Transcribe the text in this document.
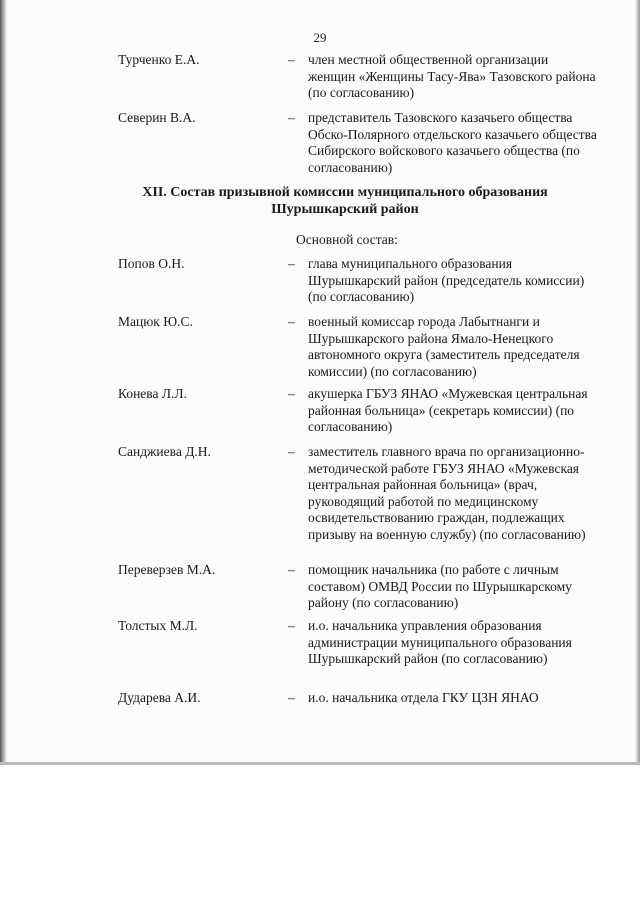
29
Турченко Е.А.	– член местной общественной организации женщин «Женщины Тасу-Ява» Тазовского района (по согласованию)

Северин В.А.	– представитель Тазовского казачьего общества Обско-Полярного отдельского казачьего общества Сибирского войскового казачьего общества (по согласованию)

XII. Состав призывной комиссии муниципального образования Шурышкарский район

Основной состав:
Попов О.Н.	– глава муниципального образования Шурышкарский район (председатель комиссии) (по согласованию)

Мацюк Ю.С.	– военный комиссар города Лабытнанги и Шурышкарского района Ямало-Ненецкого автономного округа (заместитель председателя комиссии) (по согласованию)

Конева Л.Л.	– акушерка ГБУЗ ЯНАО «Мужевская центральная районная больница» (секретарь комиссии) (по согласованию)

Санджиева Д.Н.	– заместитель главного врача по организационно-методической работе ГБУЗ ЯНАО «Мужевская центральная районная больница» (врач, руководящий работой по медицинскому освидетельствованию граждан, подлежащих призыву на военную службу) (по согласованию)

Переверзев М.А.	– помощник начальника (по работе с личным составом) ОМВД России по Шурышкарскому району (по согласованию)

Толстых М.Л.	– и.о. начальника управления образования администрации муниципального образования Шурышкарский район (по согласованию)

Дударева А.И.	– и.о. начальника отдела ГКУ ЦЗН ЯНАО
